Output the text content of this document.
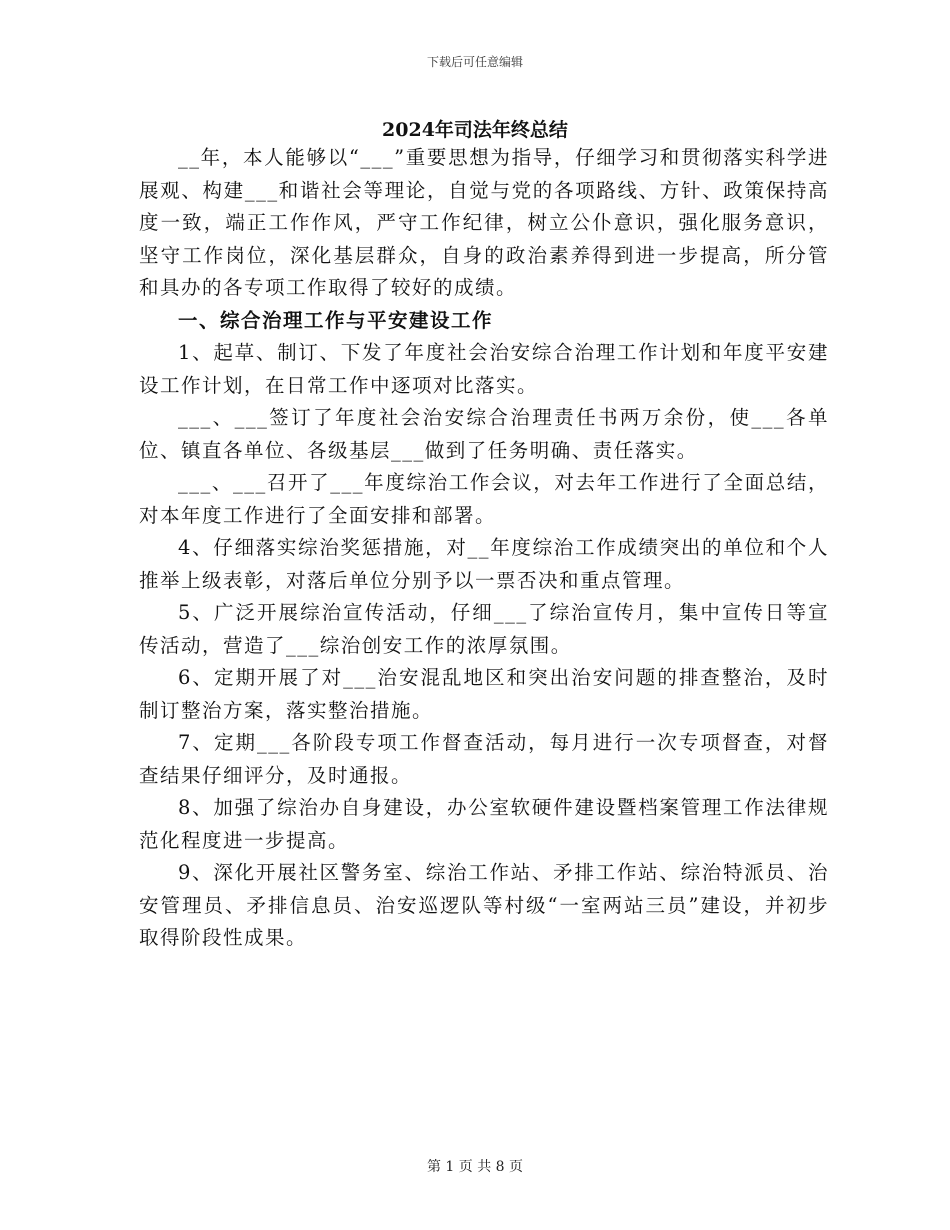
下载后可任意编辑
2024年司法年终总结

__年，本人能够以“___”重要思想为指导，仔细学习和贯彻落实科学进展观、构建___和谐社会等理论，自觉与党的各项路线、方针、政策保持高度一致，端正工作作风，严守工作纪律，树立公仆意识，强化服务意识，坚守工作岗位，深化基层群众，自身的政治素养得到进一步提高，所分管和具办的各专项工作取得了较好的成绩。

一、综合治理工作与平安建设工作

1、起草、制订、下发了年度社会治安综合治理工作计划和年度平安建设工作计划，在日常工作中逐项对比落实。

___、___签订了年度社会治安综合治理责任书两万余份，使___各单位、镇直各单位、各级基层___做到了任务明确、责任落实。

___、___召开了___年度综治工作会议，对去年工作进行了全面总结，对本年度工作进行了全面安排和部署。

4、仔细落实综治奖惩措施，对__年度综治工作成绩突出的单位和个人推举上级表彰，对落后单位分别予以一票否决和重点管理。

5、广泛开展综治宣传活动，仔细___了综治宣传月，集中宣传日等宣传活动，营造了___综治创安工作的浓厚氛围。

6、定期开展了对___治安混乱地区和突出治安问题的排查整治，及时制订整治方案，落实整治措施。

7、定期___各阶段专项工作督查活动，每月进行一次专项督查，对督查结果仔细评分，及时通报。

8、加强了综治办自身建设，办公室软硬件建设暨档案管理工作法律规范化程度进一步提高。

9、深化开展社区警务室、综治工作站、矛排工作站、综治特派员、治安管理员、矛排信息员、治安巡逻队等村级“一室两站三员”建设，并初步取得阶段性成果。

第 1 页 共 8 页
